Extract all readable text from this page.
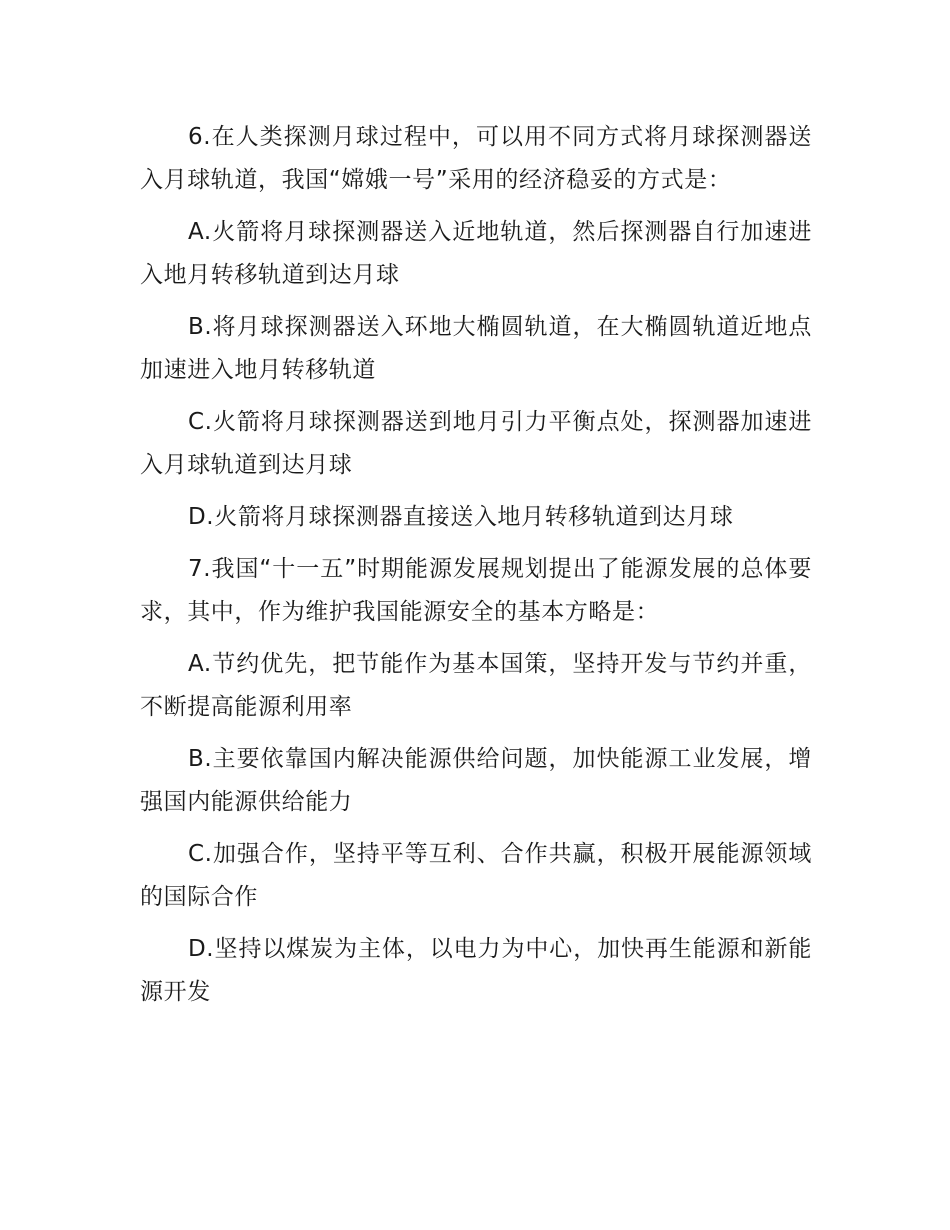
6.在人类探测月球过程中，可以用不同方式将月球探测器送入月球轨道，我国“嫦娥一号”采用的经济稳妥的方式是：

A.火箭将月球探测器送入近地轨道，然后探测器自行加速进入地月转移轨道到达月球

B.将月球探测器送入环地大椭圆轨道，在大椭圆轨道近地点加速进入地月转移轨道

C.火箭将月球探测器送到地月引力平衡点处，探测器加速进入月球轨道到达月球

D.火箭将月球探测器直接送入地月转移轨道到达月球

7.我国“十一五”时期能源发展规划提出了能源发展的总体要求，其中，作为维护我国能源安全的基本方略是：

A.节约优先，把节能作为基本国策，坚持开发与节约并重，不断提高能源利用率

B.主要依靠国内解决能源供给问题，加快能源工业发展，增强国内能源供给能力

C.加强合作，坚持平等互利、合作共赢，积极开展能源领域的国际合作

D.坚持以煤炭为主体，以电力为中心，加快再生能源和新能源开发
